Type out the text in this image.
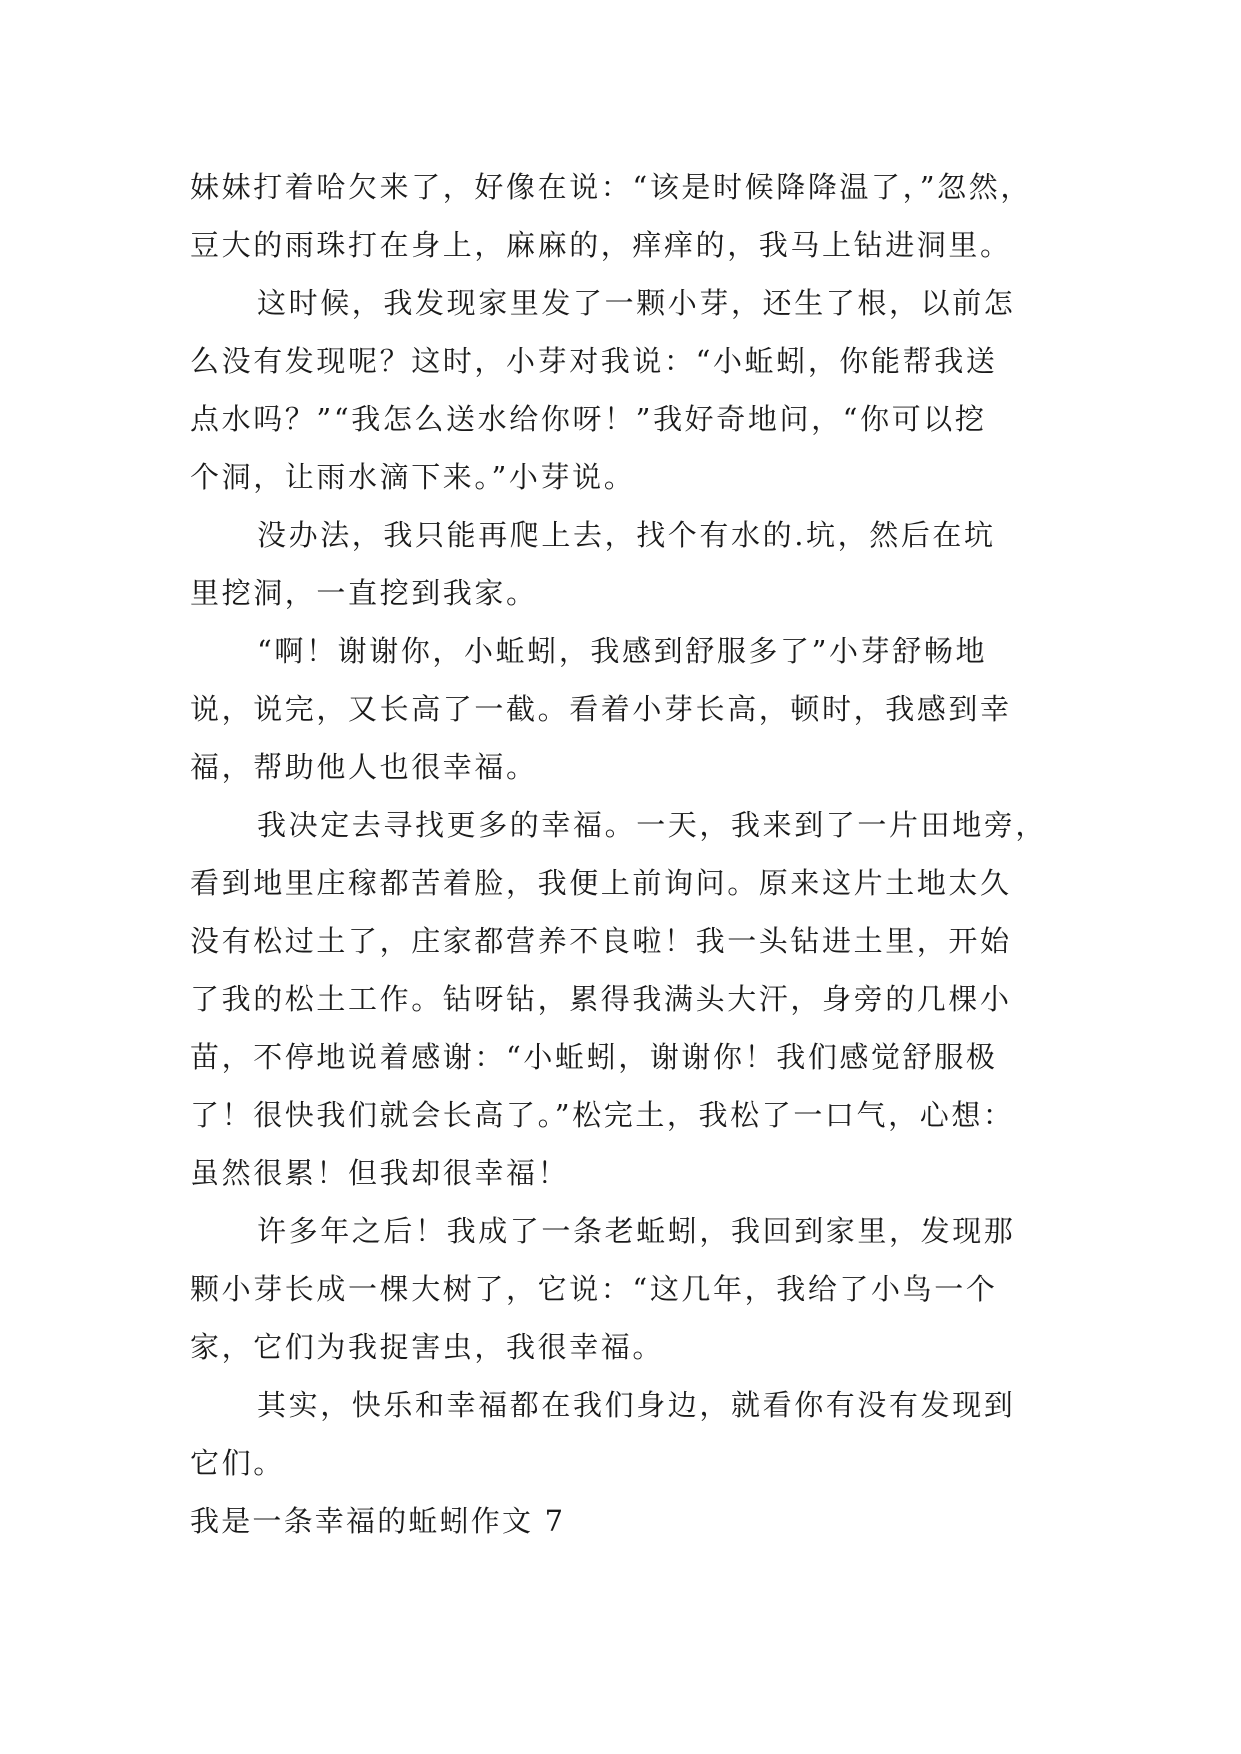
妹妹打着哈欠来了，好像在说：“该是时候降降温了，”忽然，
豆大的雨珠打在身上，麻麻的，痒痒的，我马上钻进洞里。
这时候，我发现家里发了一颗小芽，还生了根，以前怎
么没有发现呢？这时，小芽对我说：“小蚯蚓，你能帮我送
点水吗？”“我怎么送水给你呀！”我好奇地问，“你可以挖
个洞，让雨水滴下来。”小芽说。
没办法，我只能再爬上去，找个有水的.坑，然后在坑
里挖洞，一直挖到我家。
“啊！谢谢你，小蚯蚓，我感到舒服多了”小芽舒畅地
说，说完，又长高了一截。看着小芽长高，顿时，我感到幸
福，帮助他人也很幸福。
我决定去寻找更多的幸福。一天，我来到了一片田地旁，
看到地里庄稼都苦着脸，我便上前询问。原来这片土地太久
没有松过土了，庄家都营养不良啦！我一头钻进土里，开始
了我的松土工作。钻呀钻，累得我满头大汗，身旁的几棵小
苗，不停地说着感谢：“小蚯蚓，谢谢你！我们感觉舒服极
了！很快我们就会长高了。”松完土，我松了一口气，心想：
虽然很累！但我却很幸福！
许多年之后！我成了一条老蚯蚓，我回到家里，发现那
颗小芽长成一棵大树了，它说：“这几年，我给了小鸟一个
家，它们为我捉害虫，我很幸福。
其实，快乐和幸福都在我们身边，就看你有没有发现到
它们。
我是一条幸福的蚯蚓作文 7
